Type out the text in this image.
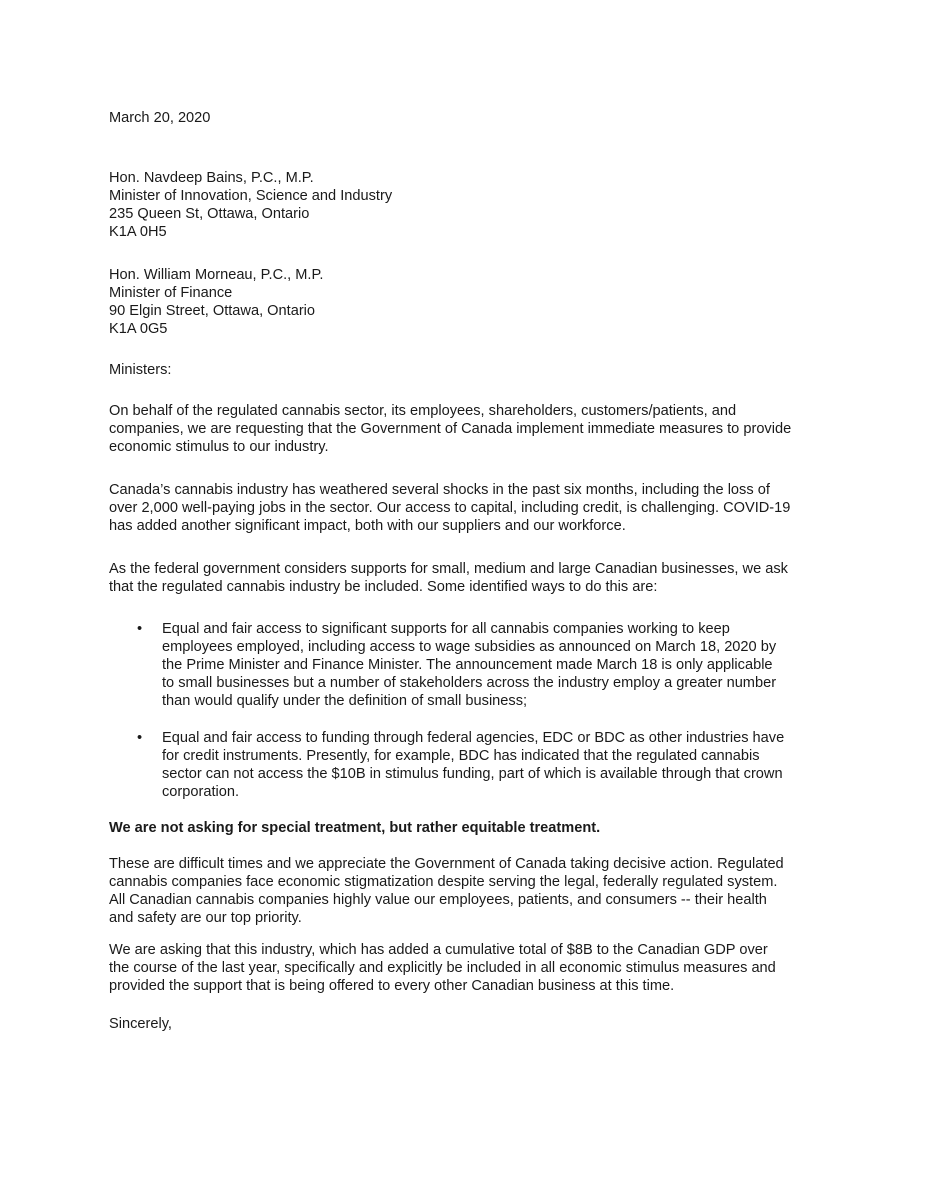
March 20, 2020

Hon. Navdeep Bains, P.C., M.P.

Minister of Innovation, Science and Industry

235 Queen St, Ottawa, Ontario

K1A 0H5

Hon. William Morneau, P.C., M.P.

Minister of Finance

90 Elgin Street, Ottawa, Ontario

K1A 0G5

Ministers:

On behalf of the regulated cannabis sector, its employees, shareholders, customers/patients, and

companies, we are requesting that the Government of Canada implement immediate measures to provide

economic stimulus to our industry.

Canada’s cannabis industry has weathered several shocks in the past six months, including the loss of

over 2,000 well-paying jobs in the sector. Our access to capital, including credit, is challenging. COVID-19

has added another significant impact, both with our suppliers and our workforce.

As the federal government considers supports for small, medium and large Canadian businesses, we ask

that the regulated cannabis industry be included. Some identified ways to do this are:

• Equal and fair access to significant supports for all cannabis companies working to keep

employees employed, including access to wage subsidies as announced on March 18, 2020 by

the Prime Minister and Finance Minister. The announcement made March 18 is only applicable

to small businesses but a number of stakeholders across the industry employ a greater number

than would qualify under the definition of small business;

• Equal and fair access to funding through federal agencies, EDC or BDC as other industries have

for credit instruments. Presently, for example, BDC has indicated that the regulated cannabis

sector can not access the $10B in stimulus funding, part of which is available through that crown

corporation.

We are not asking for special treatment, but rather equitable treatment.

These are difficult times and we appreciate the Government of Canada taking decisive action. Regulated

cannabis companies face economic stigmatization despite serving the legal, federally regulated system.

All Canadian cannabis companies highly value our employees, patients, and consumers -- their health

and safety are our top priority.

We are asking that this industry, which has added a cumulative total of $8B to the Canadian GDP over

the course of the last year, specifically and explicitly be included in all economic stimulus measures and

provided the support that is being offered to every other Canadian business at this time.

Sincerely,
